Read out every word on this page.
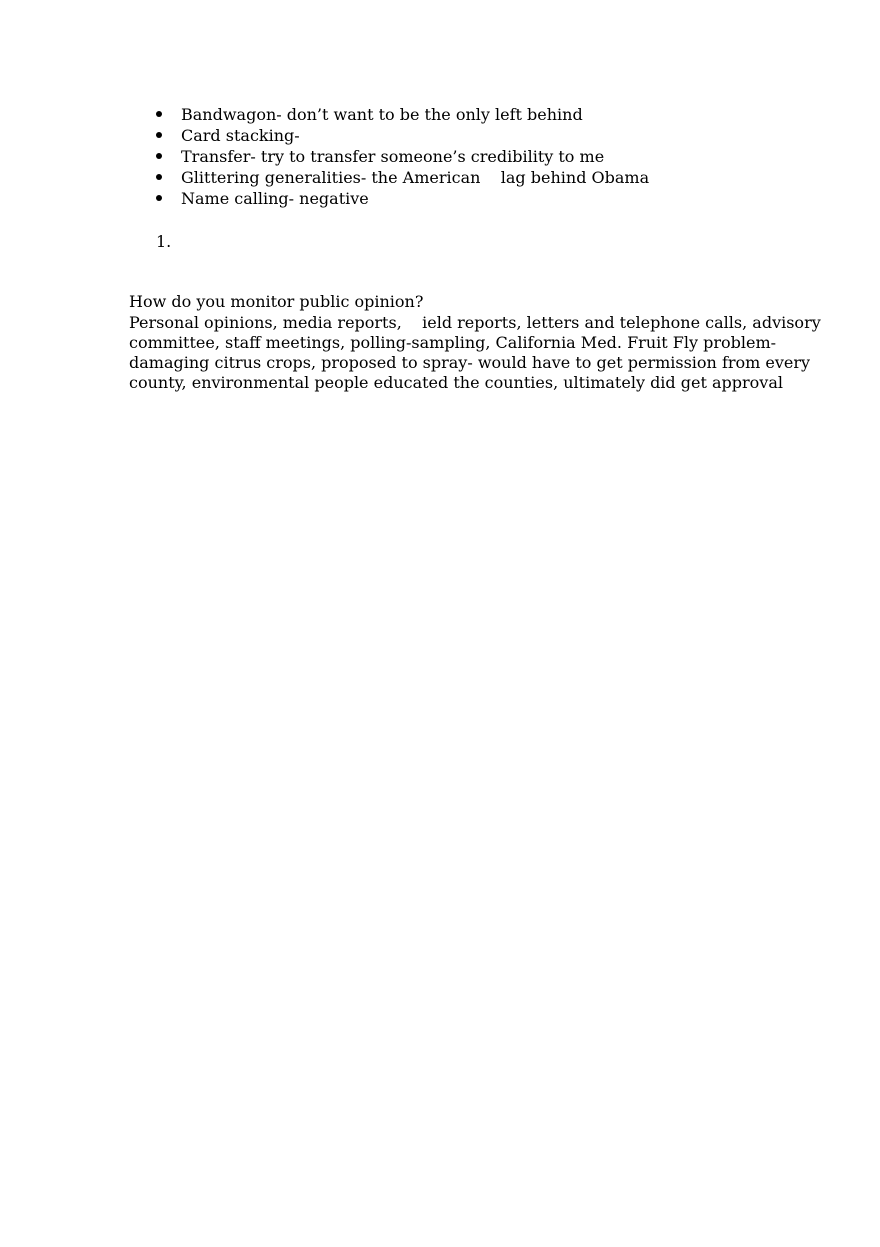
Bandwagon- don’t want to be the only left behind
Card stacking-
Transfer- try to transfer someone’s credibility to me
Glittering generalities- the American    lag behind Obama
Name calling- negative
1.
How do you monitor public opinion?
Personal opinions, media reports,    ield reports, letters and telephone calls, advisory
committee, staff meetings, polling-sampling, California Med. Fruit Fly problem-
damaging citrus crops, proposed to spray- would have to get permission from every
county, environmental people educated the counties, ultimately did get approval
